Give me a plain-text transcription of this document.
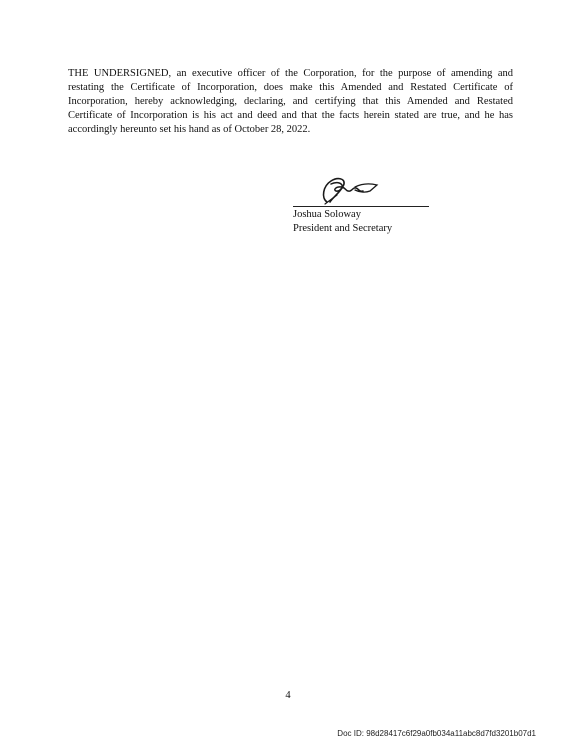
THE UNDERSIGNED, an executive officer of the Corporation, for the purpose of amending and restating the Certificate of Incorporation, does make this Amended and Restated Certificate of Incorporation, hereby acknowledging, declaring, and certifying that this Amended and Restated Certificate of Incorporation is his act and deed and that the facts herein stated are true, and he has accordingly hereunto set his hand as of October 28, 2022.

Joshua Soloway
President and Secretary
4
Doc ID: 98d28417c6f29a0fb034a11abc8d7fd3201b07d1
